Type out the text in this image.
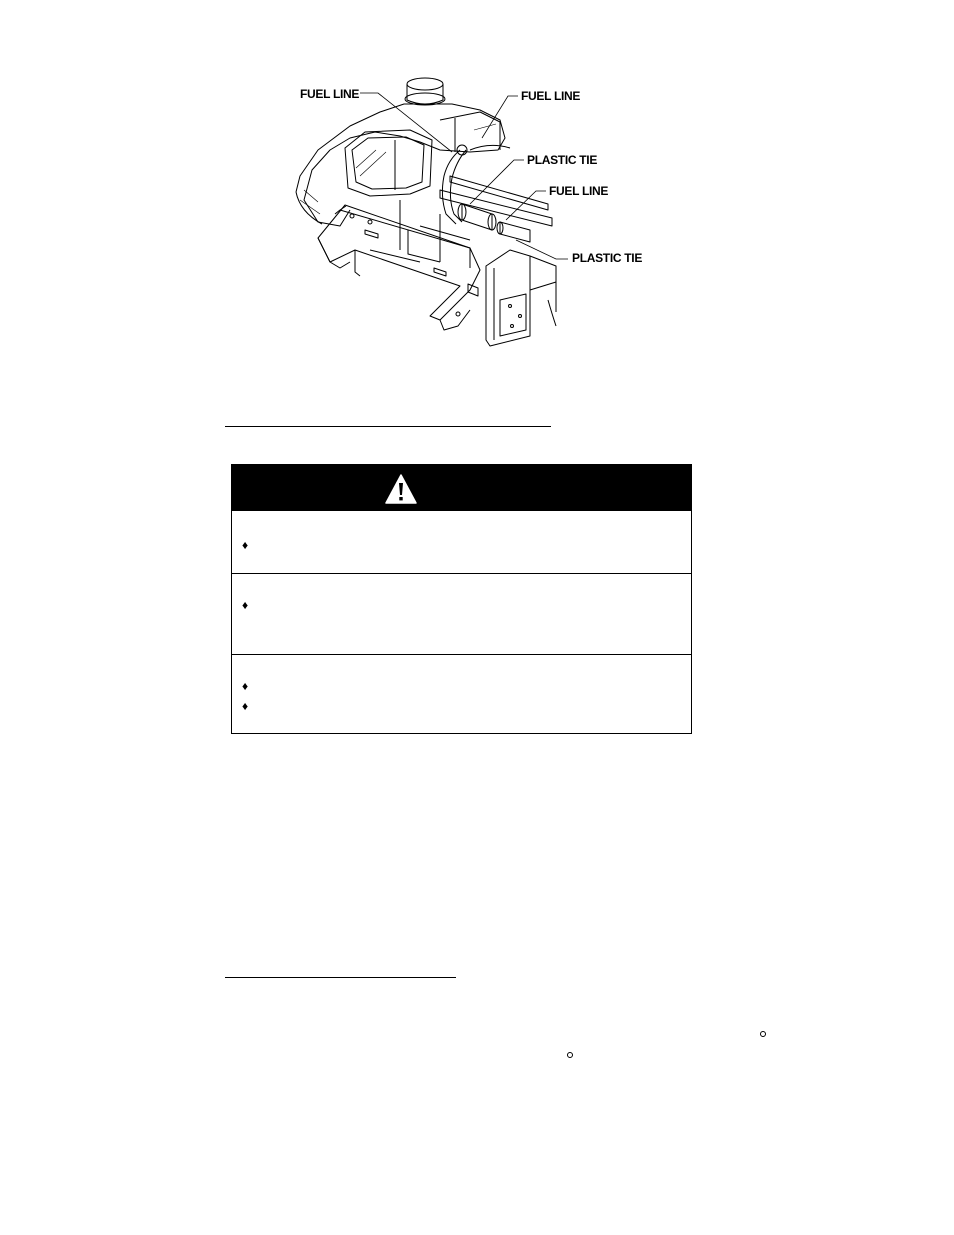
FUEL LINE	FUEL LINE
PLASTIC TIE
FUEL LINE
PLASTIC TIE
♦
♦
♦
♦
